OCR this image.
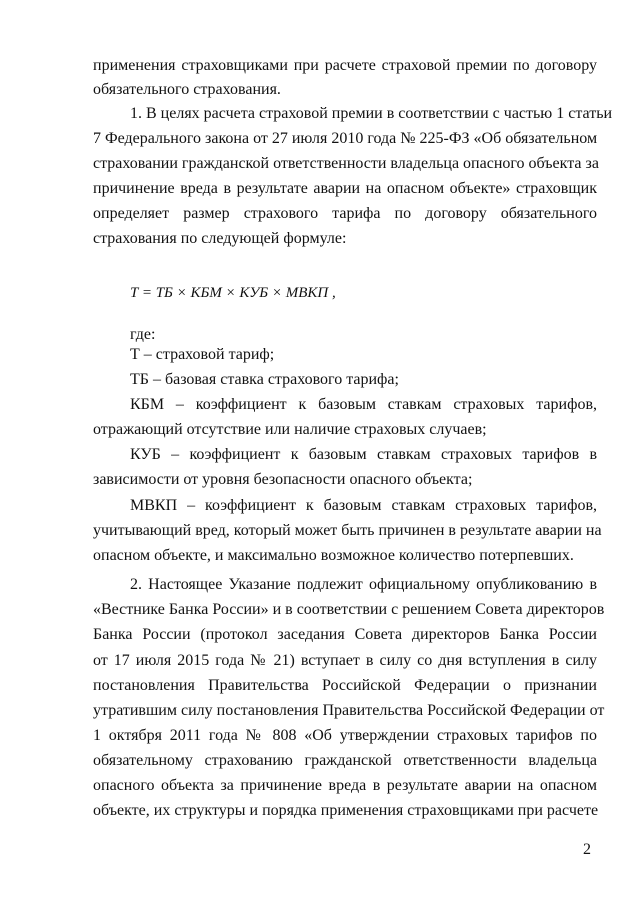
применения страховщиками при расчете страховой премии по договору
обязательного страхования.
1. В целях расчета страховой премии в соответствии с частью 1 статьи
7 Федерального закона от 27 июля 2010 года № 225-ФЗ «Об обязательном
страховании гражданской ответственности владельца опасного объекта за
причинение вреда в результате аварии на опасном объекте» страховщик
определяет размер страхового тарифа по договору обязательного
страхования по следующей формуле:
T = ТБ × КБМ × КУБ × МВКП ,
где:
Т – страховой тариф;
ТБ – базовая ставка страхового тарифа;
КБМ – коэффициент к базовым ставкам страховых тарифов,
отражающий отсутствие или наличие страховых случаев;
КУБ – коэффициент к базовым ставкам страховых тарифов в
зависимости от уровня безопасности опасного объекта;
МВКП – коэффициент к базовым ставкам страховых тарифов,
учитывающий вред, который может быть причинен в результате аварии на
опасном объекте, и максимально возможное количество потерпевших.
2. Настоящее Указание подлежит официальному опубликованию в
«Вестнике Банка России» и в соответствии с решением Совета директоров
Банка России (протокол заседания Совета директоров Банка России
от 17 июля 2015 года № 21) вступает в силу со дня вступления в силу
постановления Правительства Российской Федерации о признании
утратившим силу постановления Правительства Российской Федерации от
1 октября 2011 года № 808 «Об утверждении страховых тарифов по
обязательному страхованию гражданской ответственности владельца
опасного объекта за причинение вреда в результате аварии на опасном
объекте, их структуры и порядка применения страховщиками при расчете
2
